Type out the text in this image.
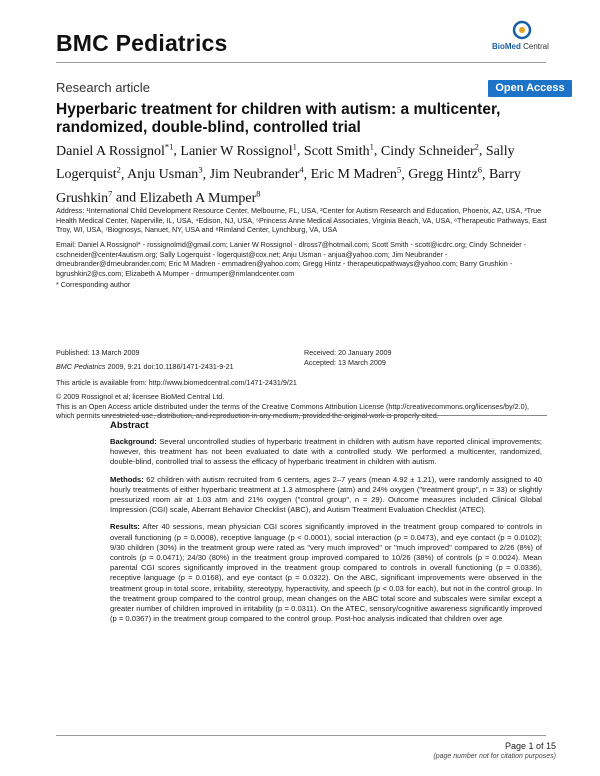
BMC Pediatrics	BioMed Central
Research article	Open Access
Hyperbaric treatment for children with autism: a multicenter, randomized, double-blind, controlled trial
Daniel A Rossignol$^{*1}$, Lanier W Rossignol$^1$, Scott Smith$^1$, Cindy Schneider$^2$, Sally Logerquist$^2$, Anju Usman$^3$, Jim Neubrander$^4$, Eric M Madren$^5$, Gregg Hintz$^6$, Barry Grushkin$^7$ and Elizabeth A Mumper$^8$
Address: ¹International Child Development Resource Center, Melbourne, FL, USA, ²Center for Autism Research and Education, Phoenix, AZ, USA, ³True Health Medical Center, Naperville, IL, USA, ⁴Edison, NJ, USA, ⁵Princess Anne Medical Associates, Virginia Beach, VA, USA, ⁶Therapeutic Pathways, East Troy, WI, USA, ⁷Biognosys, Nanuet, NY, USA and ⁸Rimland Center, Lynchburg, VA, USA
Email: Daniel A Rossignol* - rossignolmd@gmail.com; Lanier W Rossignol - dlross7@hotmail.com; Scott Smith - scott@icdrc.org; Cindy Schneider - cschneider@center4autism.org; Sally Logerquist - logerquist@cox.net; Anju Usman - anjua@yahoo.com; Jim Neubrander - drneubrander@drneubrander.com; Eric M Madren - emmadren@yahoo.com; Gregg Hintz - therapeuticpathways@yahoo.com; Barry Grushkin - bgrushkin2@cs.com; Elizabeth A Mumper - drmumper@rimlandcenter.com
* Corresponding author
Published: 13 March 2009	Received: 20 January 2009
Accepted: 13 March 2009
BMC Pediatrics 2009, 9:21 doi:10.1186/1471-2431-9-21
This article is available from: http://www.biomedcentral.com/1471-2431/9/21
© 2009 Rossignol et al; licensee BioMed Central Ltd.
This is an Open Access article distributed under the terms of the Creative Commons Attribution License (http://creativecommons.org/licenses/by/2.0), which permits unrestricted use, distribution, and reproduction in any medium, provided the original work is properly cited.
Abstract

Background: Several uncontrolled studies of hyperbaric treatment in children with autism have reported clinical improvements; however, this treatment has not been evaluated to date with a controlled study. We performed a multicenter, randomized, double-blind, controlled trial to assess the efficacy of hyperbaric treatment in children with autism.

Methods: 62 children with autism recruited from 6 centers, ages 2–7 years (mean 4.92 ± 1.21), were randomly assigned to 40 hourly treatments of either hyperbaric treatment at 1.3 atmosphere (atm) and 24% oxygen ("treatment group", n = 33) or slightly pressurized room air at 1.03 atm and 21% oxygen ("control group", n = 29). Outcome measures included Clinical Global Impression (CGI) scale, Aberrant Behavior Checklist (ABC), and Autism Treatment Evaluation Checklist (ATEC).

Results: After 40 sessions, mean physician CGI scores significantly improved in the treatment group compared to controls in overall functioning (p = 0.0008), receptive language (p < 0.0001), social interaction (p = 0.0473), and eye contact (p = 0.0102); 9/30 children (30%) in the treatment group were rated as "very much improved" or "much improved" compared to 2/26 (8%) of controls (p = 0.0471); 24/30 (80%) in the treatment group improved compared to 10/26 (38%) of controls (p = 0.0024). Mean parental CGI scores significantly improved in the treatment group compared to controls in overall functioning (p = 0.0336), receptive language (p = 0.0168), and eye contact (p = 0.0322). On the ABC, significant improvements were observed in the treatment group in total score, irritability, stereotypy, hyperactivity, and speech (p < 0.03 for each), but not in the control group. In the treatment group compared to the control group, mean changes on the ABC total score and subscales were similar except a greater number of children improved in irritability (p = 0.0311). On the ATEC, sensory/cognitive awareness significantly improved (p = 0.0367) in the treatment group compared to the control group. Post-hoc analysis indicated that children over age

Page 1 of 15
(page number not for citation purposes)
